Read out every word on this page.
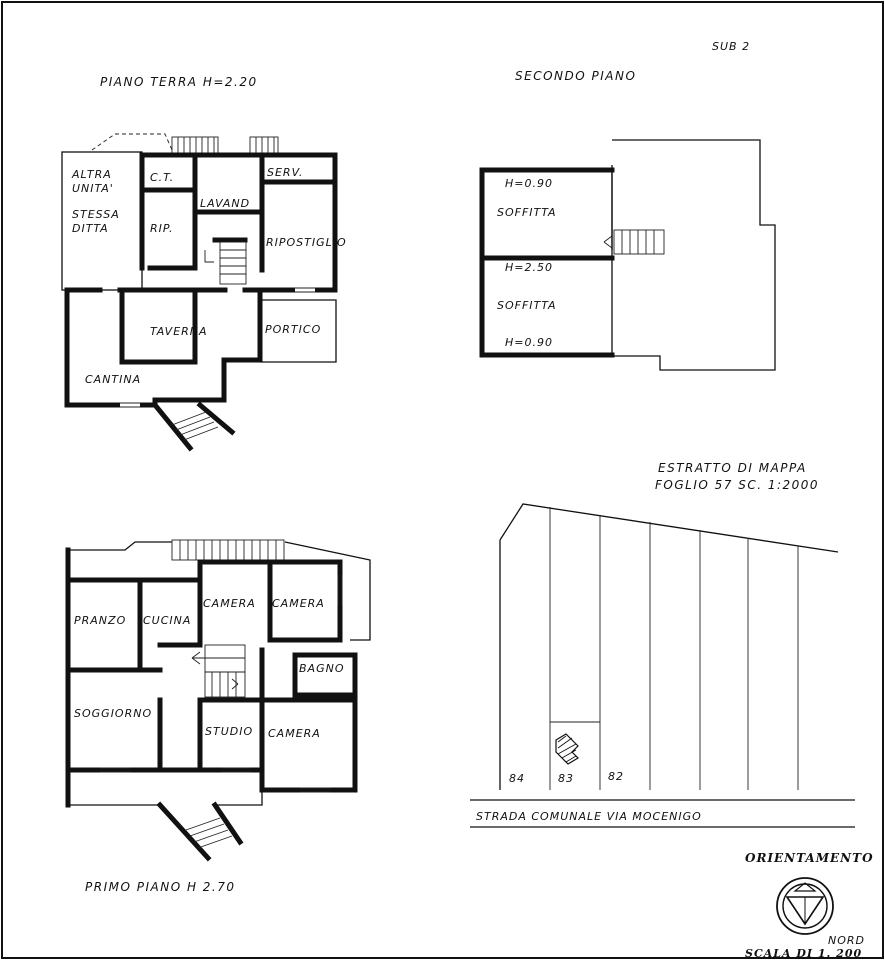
SUB 2
PIANO TERRA H=2.20
ALTRA
UNITA'
STESSA
DITTA
C.T.
RIP.
LAVAND
SERV.
RIPOSTIGLIO
TAVERNA	PORTICO
CANTINA
SECONDO PIANO
H=0.90
SOFFITTA
H=2.50
SOFFITTA
H=0.90
PRANZO CUCINA
CAMERA CAMERA
BAGNO
SOGGIORNO
STUDIO CAMERA
PRIMO PIANO H 2.70
ESTRATTO DI MAPPA
FOGLIO 57 SC. 1:2000
84	83	82
STRADA COMUNALE VIA MOCENIGO
ORIENTAMENTO
NORD
SCALA DI 1. 200
